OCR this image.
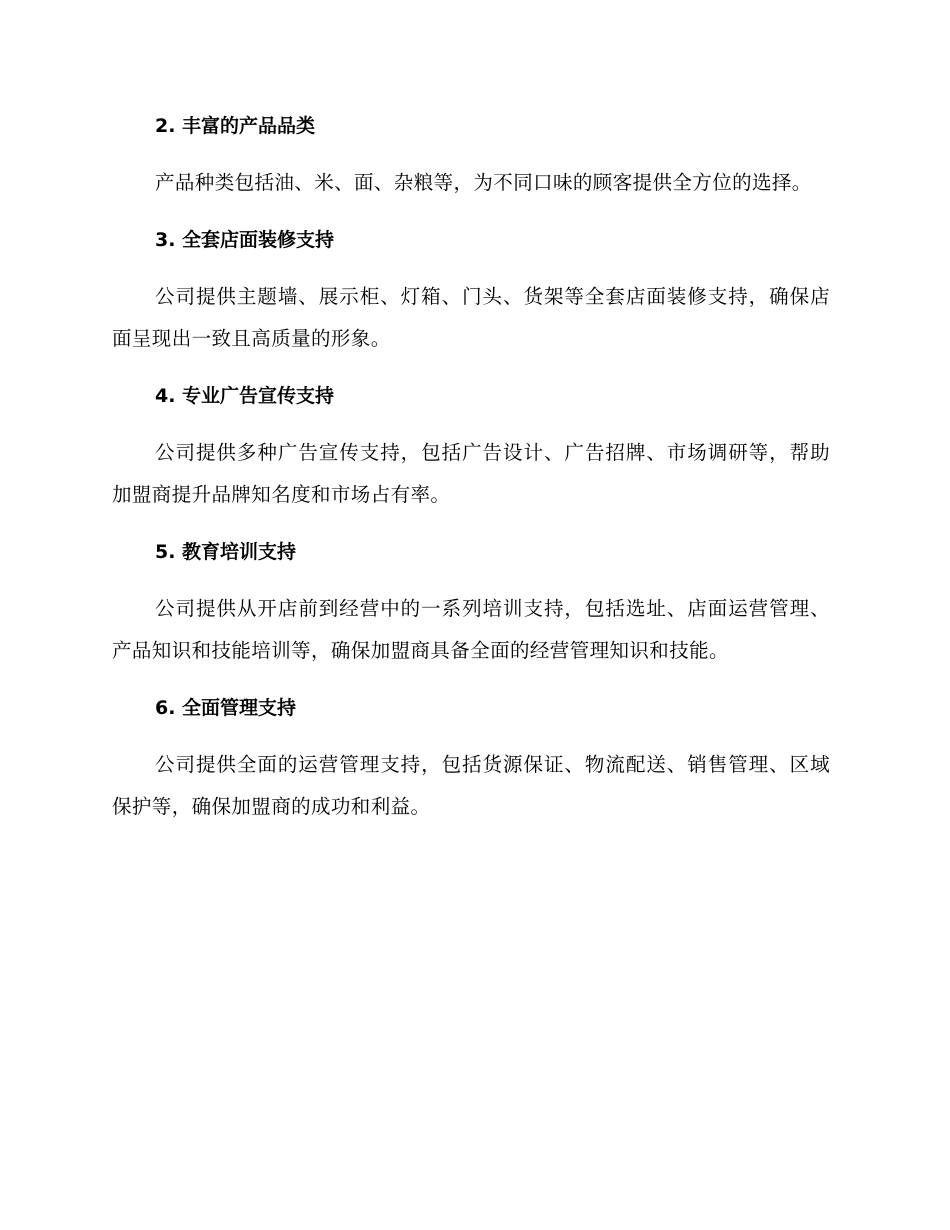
2. 丰富的产品品类

产品种类包括油、米、面、杂粮等，为不同口味的顾客提供全方位的选择。

3. 全套店面装修支持

公司提供主题墙、展示柜、灯箱、门头、货架等全套店面装修支持，确保店面呈现出一致且高质量的形象。

4. 专业广告宣传支持

公司提供多种广告宣传支持，包括广告设计、广告招牌、市场调研等，帮助加盟商提升品牌知名度和市场占有率。

5. 教育培训支持

公司提供从开店前到经营中的一系列培训支持，包括选址、店面运营管理、产品知识和技能培训等，确保加盟商具备全面的经营管理知识和技能。

6. 全面管理支持

公司提供全面的运营管理支持，包括货源保证、物流配送、销售管理、区域保护等，确保加盟商的成功和利益。
